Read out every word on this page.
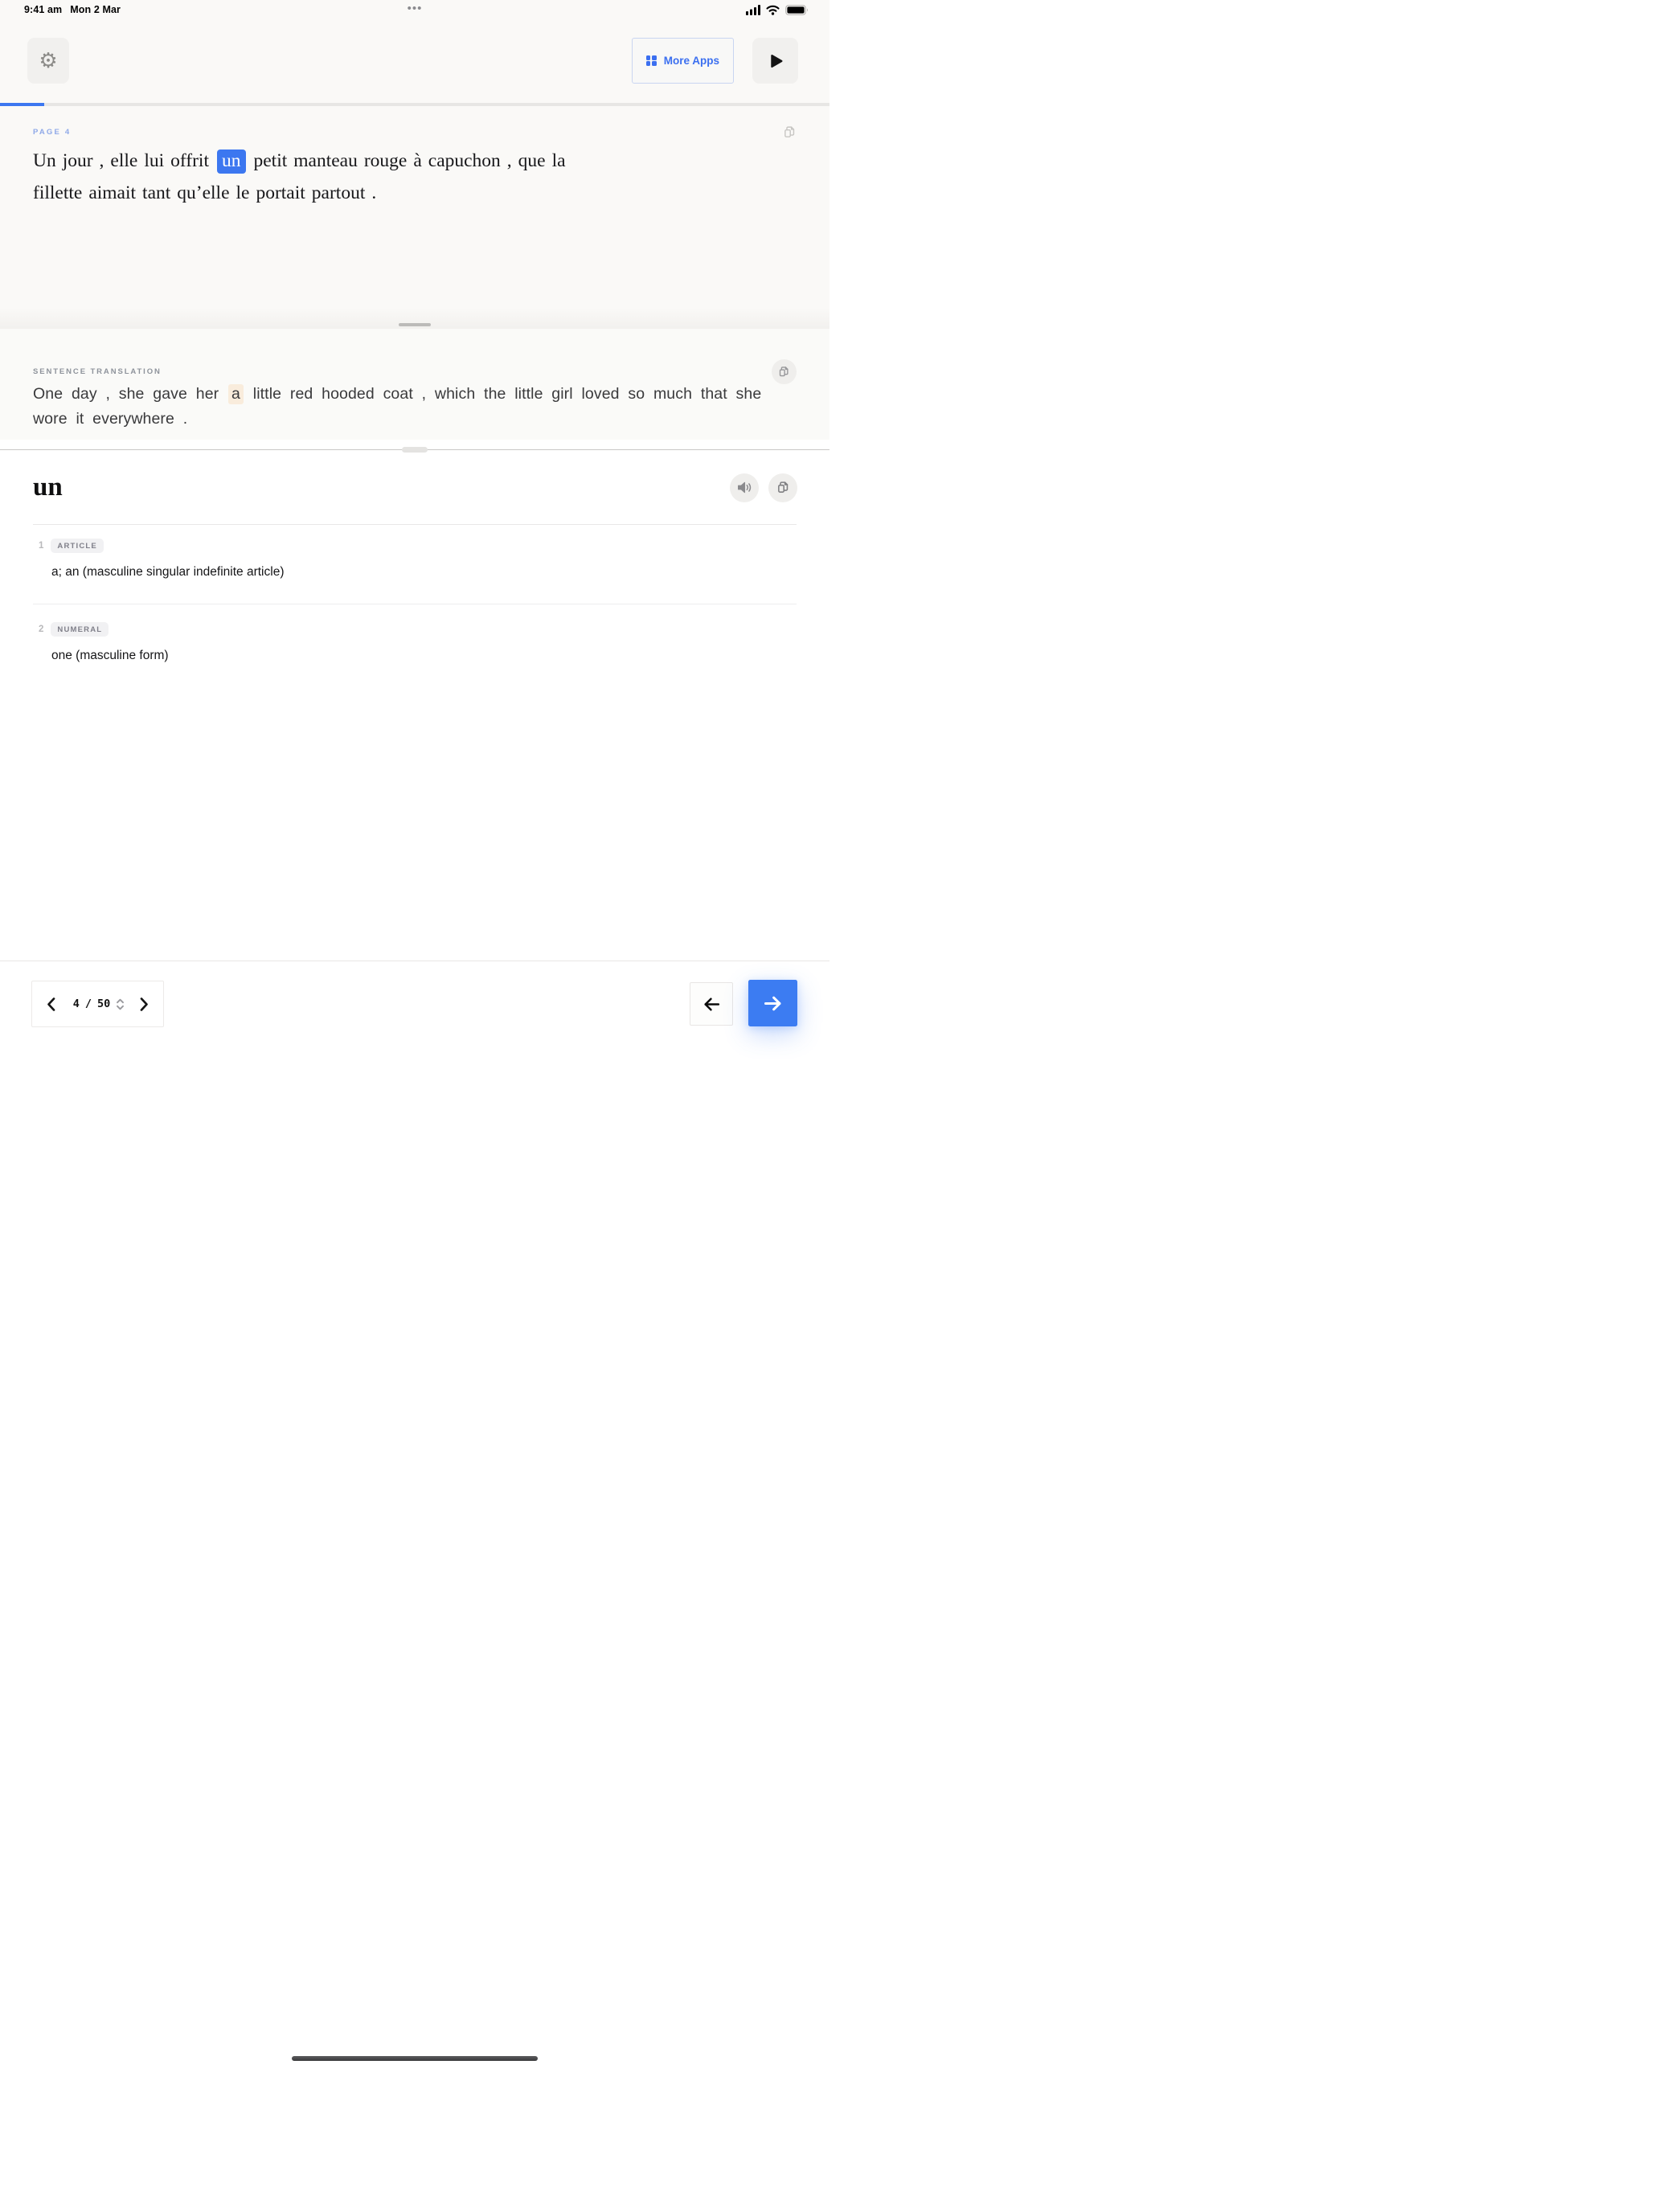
9:41 am Mon 2 Mar	•••
⚙	More Apps
PAGE 4

Un jour , elle lui offrit un petit manteau rouge à capuchon , que la
fillette aimait tant qu’elle le portait partout .

SENTENCE TRANSLATION

One day , she gave her a little red hooded coat , which the little girl loved so much that she
wore it everywhere .

un
1	ARTICLE

a; an (masculine singular indefinite article)

2	NUMERAL

one (masculine form)

4 / 50
